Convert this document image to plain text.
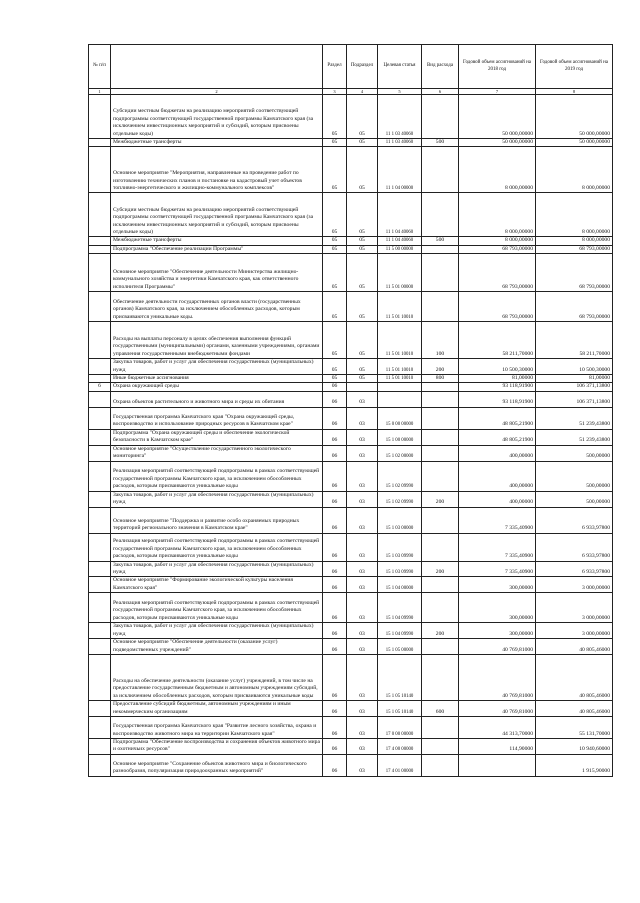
№ п/п		Раздел	Подраздел	Целевая статья	Вид расхода	Годовой объем ассигнований на 2018 год	Годовой объем ассигнований на 2019 год
1	2	3	4	5	6	7	8
	Субсидии местным бюджетам на реализацию мероприятий соответствующей подпрограммы соответствующей государственной программы Камчатского края (за исключением инвестиционных мероприятий и субсидий, которым присвоены отдельные коды)	05	05	11 1 03 40060		50 000,00000	50 000,00000
	Межбюджетные трансферты	05	05	11 1 03 40060	500	50 000,00000	50 000,00000
	Основное мероприятие "Мероприятия, направленные на проведение работ по изготовлению технических планов и постановке на кадастровый учет объектов топливно-энергетического и жилищно-коммунального комплексов"	05	05	11 1 04 00000		8 000,00000	8 000,00000
	Субсидии местным бюджетам на реализацию мероприятий соответствующей подпрограммы соответствующей государственной программы Камчатского края (за исключением инвестиционных мероприятий и субсидий, которым присвоены отдельные коды)	05	05	11 1 04 40060		8 000,00000	8 000,00000
	Межбюджетные трансферты	05	05	11 1 04 40060	500	8 000,00000	8 000,00000
	Подпрограмма "Обеспечение реализации Программы"	05	05	11 5 00 00000		68 793,00000	68 793,00000
	Основное мероприятие "Обеспечение деятельности Министерства жилищно-коммунального хозяйства и энергетики Камчатского края, как ответственного исполнителя Программы"	05	05	11 5 01 00000		68 793,00000	68 793,00000
	Обеспечение деятельности государственных органов власти (государственных органов) Камчатского края, за исключением обособленных расходов, которым присваиваются уникальные коды.	05	05	11 5 01 10010		68 793,00000	68 793,00000
	Расходы на выплаты персоналу в целях обеспечения выполнения функций государственными (муниципальными) органами, казенными учреждениями, органами управления государственными внебюджетными фондами	05	05	11 5 01 10010	100	58 211,70000	58 211,70000
	Закупка товаров, работ и услуг для обеспечения государственных (муниципальных) нужд	05	05	11 5 01 10010	200	10 500,30000	10 500,30000
	Иные бюджетные ассигнования	05	05	11 5 01 10010	800	81,00000	81,00000
6	Охрана окружающей среды	06				93 118,91900	106 371,13800
	Охрана объектов растительного и животного мира и среды их обитания	06	03			93 118,91900	106 371,13800
	Государственная программа Камчатского края "Охрана окружающей среды, воспроизводство и использование природных ресурсов в Камчатском крае"	06	03	15 0 00 00000		48 805,21900	51 239,43800
	Подпрограмма "Охрана окружающей среды и обеспечение экологической безопасности в Камчатском крае"	06	03	15 1 00 00000		48 805,21900	51 239,43800
	Основное мероприятие "Осуществление государственного экологического мониторинга"	06	03	15 1 02 00000		400,00000	500,00000
	Реализация мероприятий соответствующей подпрограммы в рамках соответствующей государственной программы Камчатского края, за исключением обособленных расходов, которым присваиваются уникальные коды	06	03	15 1 02 09990		400,00000	500,00000
	Закупка товаров, работ и услуг для обеспечения государственных (муниципальных) нужд	06	03	15 1 02 09990	200	400,00000	500,00000
	Основное мероприятие "Поддержка и развитие особо охраняемых природных территорий регионального значения в Камчатском крае"	06	03	15 1 03 00000		7 335,40900	6 933,97800
	Реализация мероприятий соответствующей подпрограммы в рамках соответствующей государственной программы Камчатского края, за исключением обособленных расходов, которым присваиваются уникальные коды	06	03	15 1 03 09990		7 335,40900	6 933,97800
	Закупка товаров, работ и услуг для обеспечения государственных (муниципальных) нужд	06	03	15 1 03 09990	200	7 335,40900	6 933,97800
	Основное мероприятие "Формирование экологической культуры населения Камчатского края"	06	03	15 1 04 00000		300,00000	3 000,00000
	Реализация мероприятий соответствующей подпрограммы в рамках соответствующей государственной программы Камчатского края, за исключением обособленных расходов, которым присваиваются уникальные коды	06	03	15 1 04 09990		300,00000	3 000,00000
	Закупка товаров, работ и услуг для обеспечения государственных (муниципальных) нужд	06	03	15 1 04 09990	200	300,00000	3 000,00000
	Основное мероприятие "Обеспечение деятельности (оказание услуг) подведомственных учреждений"	06	03	15 1 05 00000		40 769,81000	40 805,46000
	Расходы на обеспечение деятельности (оказание услуг) учреждений, в том числе на предоставление государственным бюджетным и автономным учреждениям субсидий, за исключением обособленных расходов, которым присваиваются уникальные коды	06	03	15 1 05 10140		40 769,81000	40 805,46000
	Предоставление субсидий бюджетным, автономным учреждениям и иным некоммерческим организациям	06	03	15 1 05 10140	600	40 769,81000	40 805,46000
	Государственная программа Камчатского края "Развитие лесного хозяйства, охрана и воспроизводство животного мира на территории Камчатского края"	06	03	17 0 00 00000		44 313,70000	55 131,70000
	Подпрограмма "Обеспечение воспроизводства и сохранения объектов животного мира и охотничьих ресурсов"	06	03	17 4 00 00000		114,90000	10 940,60000
	Основное мероприятие "Сохранение объектов животного мира и биологического разнообразия, популяризация природоохранных мероприятий"	06	03	17 4 01 00000			1 915,90000
